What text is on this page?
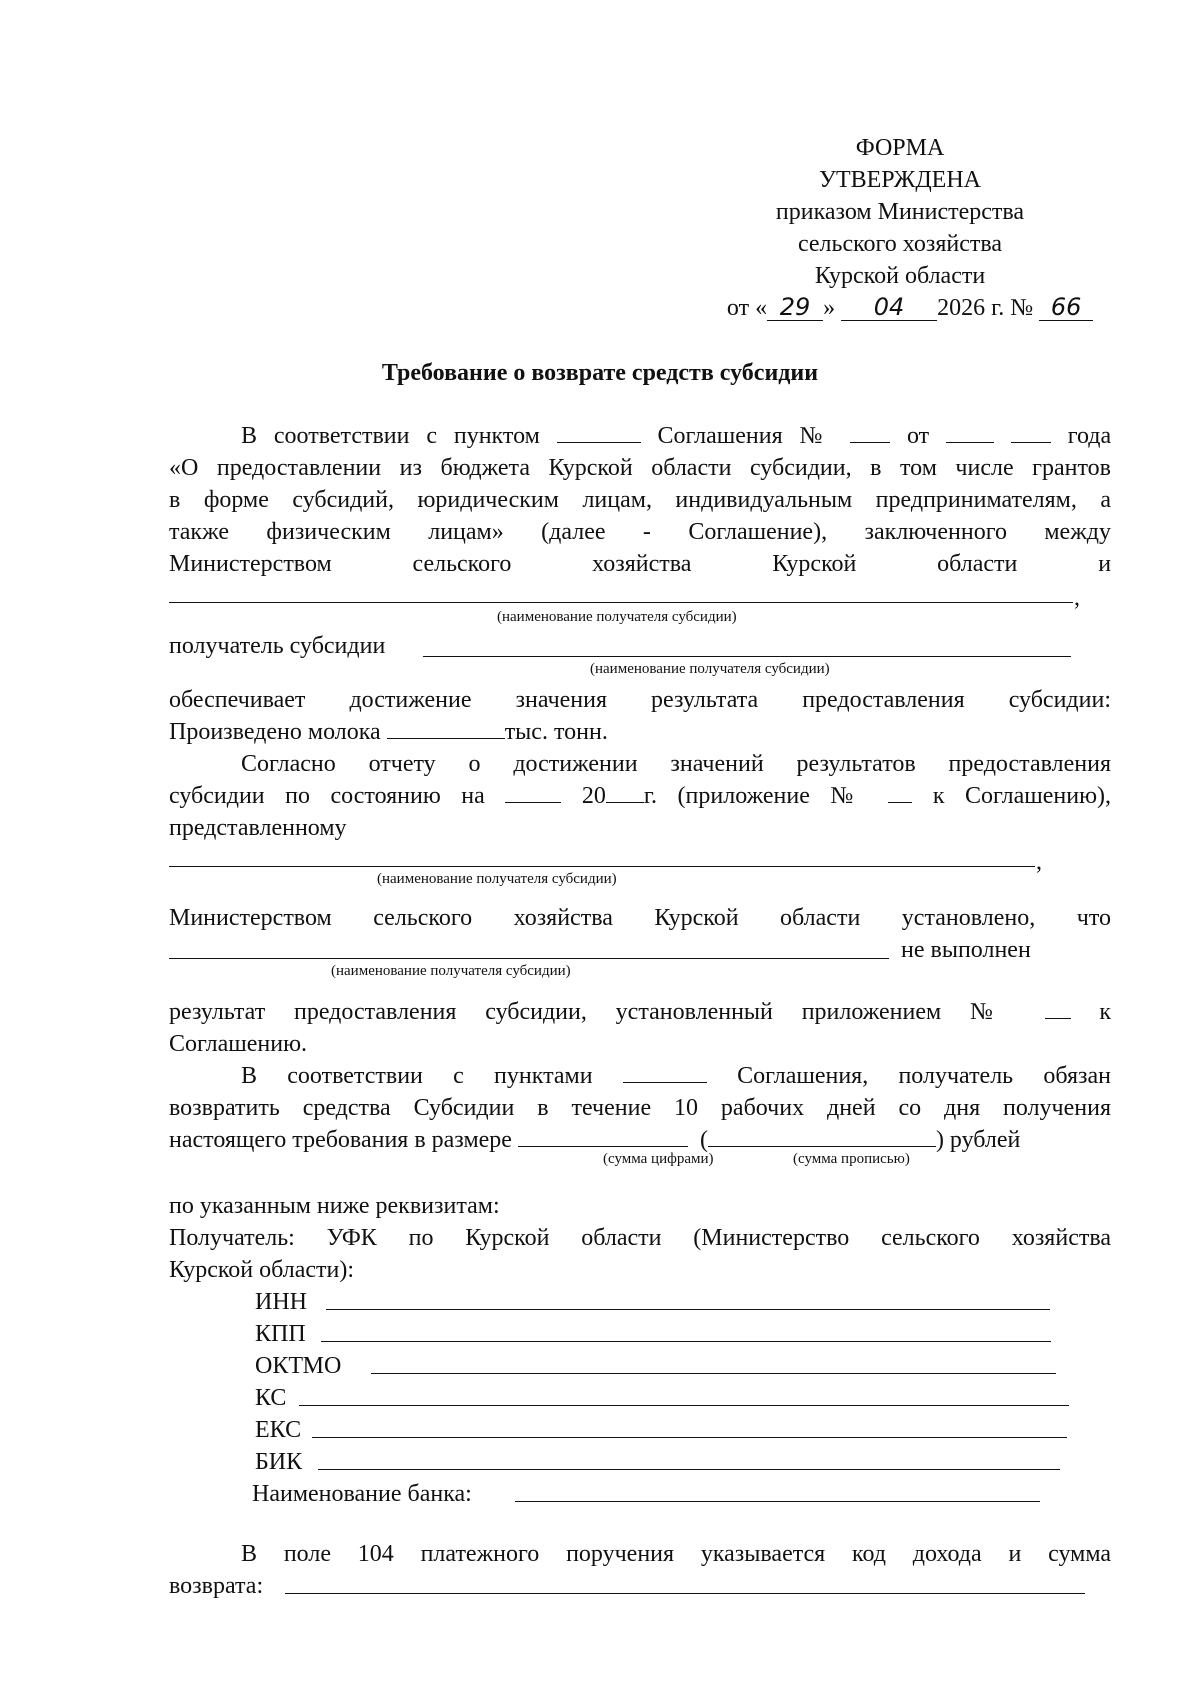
ФОРМА
УТВЕРЖДЕНА
приказом Министерства
сельского хозяйства
Курской области
от « 29 » 04 2026 г. № 66
Требование о возврате средств субсидии
В соответствии с пунктом	Соглашения №	от	года
«О предоставлении из бюджета Курской области субсидии, в том числе грантов
в форме субсидий, юридическим лицам, индивидуальным предпринимателям, а
также физическим лицам» (далее - Соглашение), заключенного между
Министерством	сельского	хозяйства	Курской	области	и
,
(наименование получателя субсидии)
получатель субсидии
(наименование получателя субсидии)
обеспечивает достижение значения результата предоставления субсидии:
Произведено молока	тыс. тонн.
Согласно отчету о достижении значений результатов предоставления
субсидии по состоянию на	20 г. (приложение №	к Соглашению),
представленному
,
(наименование получателя субсидии)
Министерством сельского хозяйства Курской области установлено, что
не выполнен
(наименование получателя субсидии)
результат предоставления субсидии, установленный приложением №	к
Соглашению.
В соответствии с пунктами	Соглашения, получатель обязан
возвратить средства Субсидии в течение 10 рабочих дней со дня получения
настоящего требования в размере	(	) рублей
(сумма цифрами)	(сумма прописью)
по указанным ниже реквизитам:
Получатель: УФК по Курской области (Министерство сельского хозяйства
Курской области):
ИНН
КПП
ОКТМО
КС
ЕКС
БИК
Наименование банка:
В поле 104 платежного поручения указывается код дохода и сумма
возврата:
